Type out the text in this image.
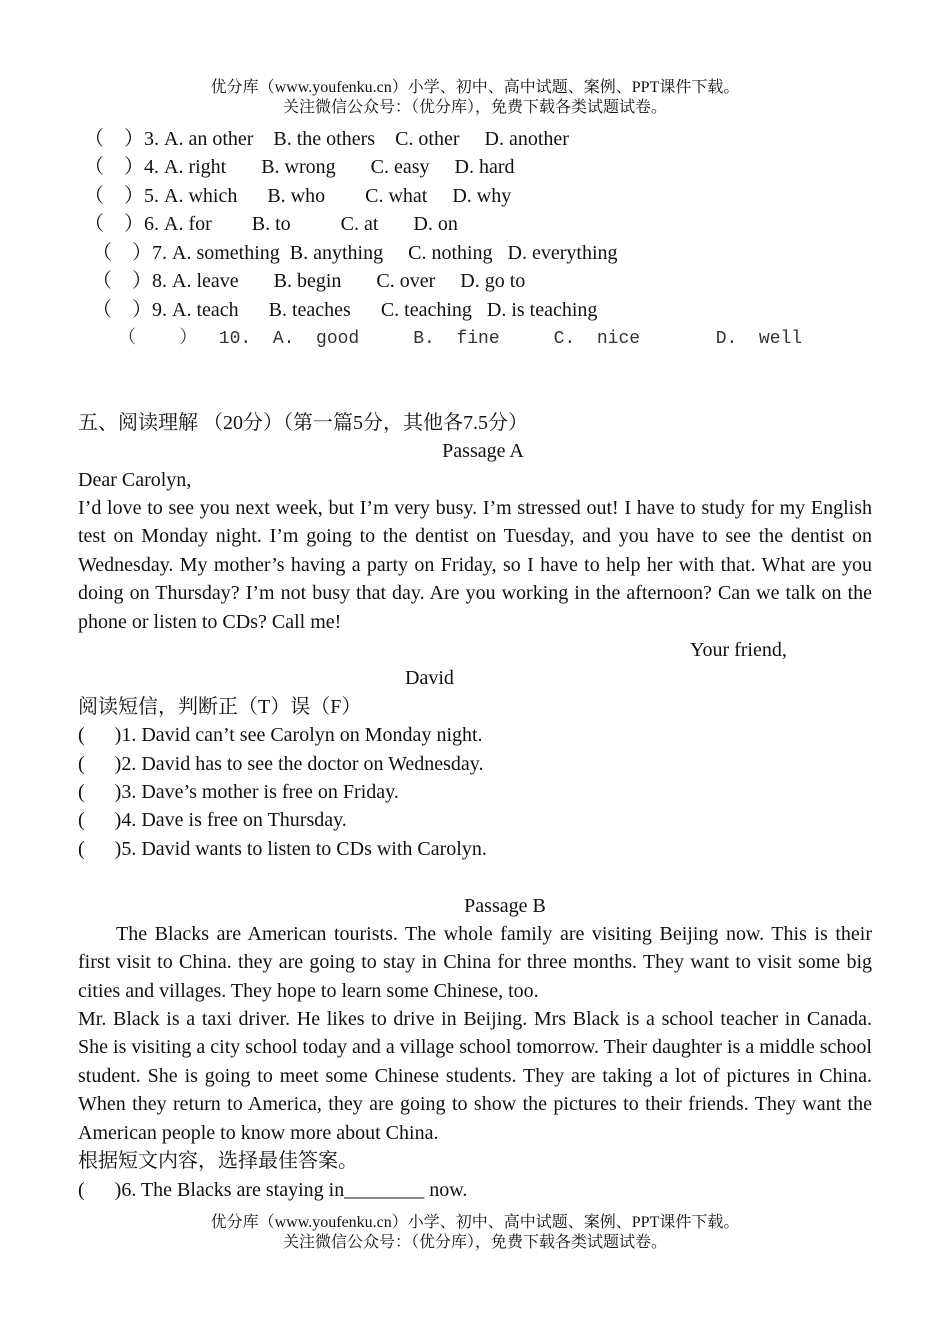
优分库（www.youfenku.cn）小学、初中、高中试题、案例、PPT课件下载。
关注微信公众号：（优分库），免费下载各类试题试卷。
（　）3. A. an other    B. the others    C. other     D. another
（　）4. A. right       B. wrong       C. easy     D. hard
（　）5. A. which      B. who        C. what     D. why
（　）6. A. for        B. to          C. at       D. on
（　）7. A. something  B. anything     C. nothing   D. everything
（　）8. A. leave       B. begin       C. over     D. go to
（　）9. A. teach      B. teaches      C. teaching   D. is teaching
（    ）  10.  A.  good     B.  fine     C.  nice       D.  well
五、阅读理解 （20分）（第一篇5分，其他各7.5分）
Passage A
Dear Carolyn,
I’d love to see you next week, but I’m very busy. I’m stressed out! I have to study for my English test on Monday night. I’m going to the dentist on Tuesday, and you have to see the dentist on Wednesday. My mother’s having a party on Friday, so I have to help her with that. What are you doing on Thursday? I’m not busy that day. Are you working in the afternoon? Can we talk on the phone or listen to CDs? Call me!
Your friend,
David
阅读短信，判断正（T）误（F）
(      )1. David can’t see Carolyn on Monday night.
(      )2. David has to see the doctor on Wednesday.
(      )3. Dave’s mother is free on Friday.
(      )4. Dave is free on Thursday.
(      )5. David wants to listen to CDs with Carolyn.
Passage B
The Blacks are American tourists. The whole family are visiting Beijing now. This is their first visit to China. they are going to stay in China for three months. They want to visit some big cities and villages. They hope to learn some Chinese, too.
Mr. Black is a taxi driver. He likes to drive in Beijing. Mrs Black is a school teacher in Canada. She is visiting a city school today and a village school tomorrow. Their daughter is a middle school student. She is going to meet some Chinese students. They are taking a lot of pictures in China. When they return to America, they are going to show the pictures to their friends. They want the American people to know more about China.
根据短文内容，选择最佳答案。
(      )6. The Blacks are staying in________ now.
优分库（www.youfenku.cn）小学、初中、高中试题、案例、PPT课件下载。
关注微信公众号：（优分库），免费下载各类试题试卷。
